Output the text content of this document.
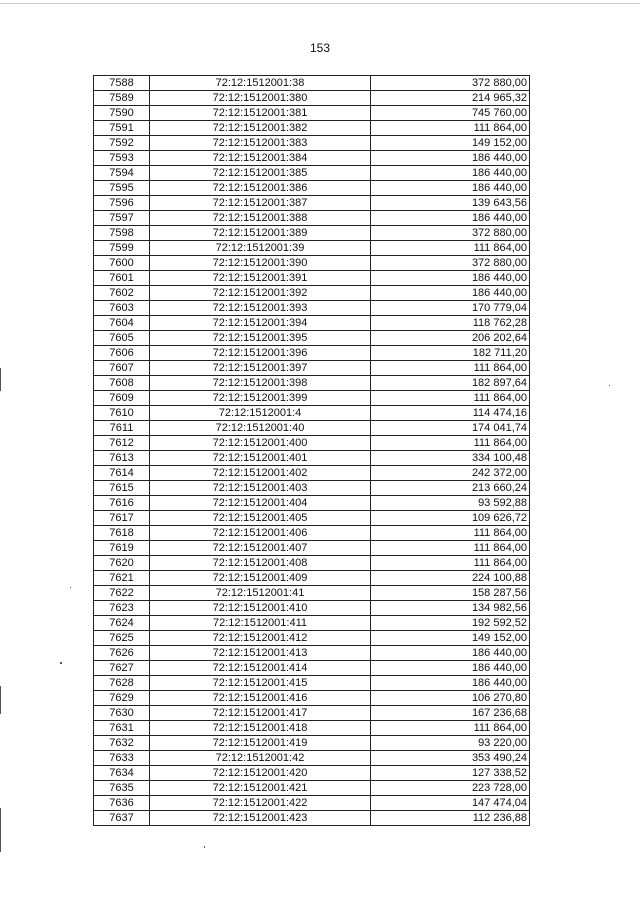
153
7588	72:12:1512001:38	372 880,00
7589	72:12:1512001:380	214 965,32
7590	72:12:1512001:381	745 760,00
7591	72:12:1512001:382	111 864,00
7592	72:12:1512001:383	149 152,00
7593	72:12:1512001:384	186 440,00
7594	72:12:1512001:385	186 440,00
7595	72:12:1512001:386	186 440,00
7596	72:12:1512001:387	139 643,56
7597	72:12:1512001:388	186 440,00
7598	72:12:1512001:389	372 880,00
7599	72:12:1512001:39	111 864,00
7600	72:12:1512001:390	372 880,00
7601	72:12:1512001:391	186 440,00
7602	72:12:1512001:392	186 440,00
7603	72:12:1512001:393	170 779,04
7604	72:12:1512001:394	118 762,28
7605	72:12:1512001:395	206 202,64
7606	72:12:1512001:396	182 711,20
7607	72:12:1512001:397	111 864,00
7608	72:12:1512001:398	182 897,64
7609	72:12:1512001:399	111 864,00
7610	72:12:1512001:4	114 474,16
7611	72:12:1512001:40	174 041,74
7612	72:12:1512001:400	111 864,00
7613	72:12:1512001:401	334 100,48
7614	72:12:1512001:402	242 372,00
7615	72:12:1512001:403	213 660,24
7616	72:12:1512001:404	93 592,88
7617	72:12:1512001:405	109 626,72
7618	72:12:1512001:406	111 864,00
7619	72:12:1512001:407	111 864,00
7620	72:12:1512001:408	111 864,00
7621	72:12:1512001:409	224 100,88
7622	72:12:1512001:41	158 287,56
7623	72:12:1512001:410	134 982,56
7624	72:12:1512001:411	192 592,52
7625	72:12:1512001:412	149 152,00
7626	72:12:1512001:413	186 440,00
7627	72:12:1512001:414	186 440,00
7628	72:12:1512001:415	186 440,00
7629	72:12:1512001:416	106 270,80
7630	72:12:1512001:417	167 236,68
7631	72:12:1512001:418	111 864,00
7632	72:12:1512001:419	93 220,00
7633	72:12:1512001:42	353 490,24
7634	72:12:1512001:420	127 338,52
7635	72:12:1512001:421	223 728,00
7636	72:12:1512001:422	147 474,04
7637	72:12:1512001:423	112 236,88
